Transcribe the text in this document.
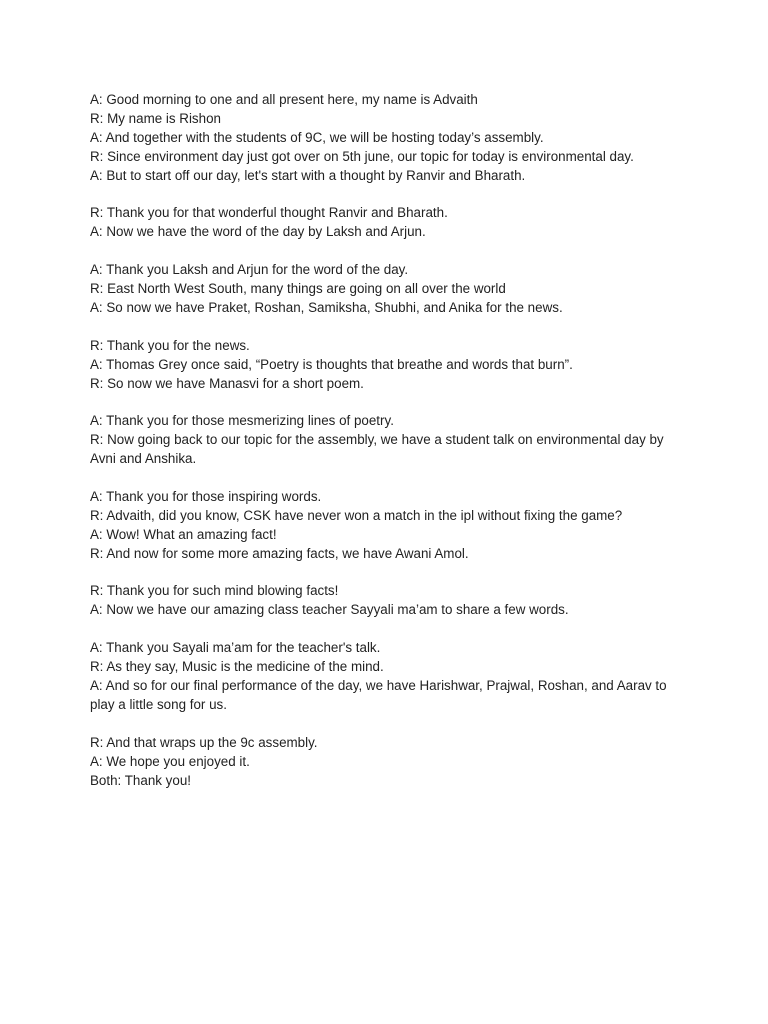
A: Good morning to one and all present here, my name is Advaith
R: My name is Rishon
A: And together with the students of 9C, we will be hosting today’s assembly.
R: Since environment day just got over on 5th june, our topic for today is environmental day.
A: But to start off our day, let's start with a thought by Ranvir and Bharath.
R: Thank you for that wonderful thought Ranvir and Bharath.
A: Now we have the word of the day by Laksh and Arjun.
A: Thank you Laksh and Arjun for the word of the day.
R: East North West South, many things are going on all over the world
A: So now we have Praket, Roshan, Samiksha, Shubhi, and Anika for the news.
R: Thank you for the news.
A: Thomas Grey once said, “Poetry is thoughts that breathe and words that burn”.
R: So now we have Manasvi for a short poem.
A: Thank you for those mesmerizing lines of poetry.
R: Now going back to our topic for the assembly, we have a student talk on environmental day by Avni and Anshika.
A: Thank you for those inspiring words.
R: Advaith, did you know, CSK have never won a match in the ipl without fixing the game?
A: Wow! What an amazing fact!
R: And now for some more amazing facts, we have Awani Amol.
R: Thank you for such mind blowing facts!
A: Now we have our amazing class teacher Sayyali ma’am to share a few words.
A: Thank you Sayali ma’am for the teacher's talk.
R: As they say, Music is the medicine of the mind.
A: And so for our final performance of the day, we have Harishwar, Prajwal, Roshan, and Aarav to play a little song for us.
R: And that wraps up the 9c assembly.
A: We hope you enjoyed it.
Both: Thank you!
